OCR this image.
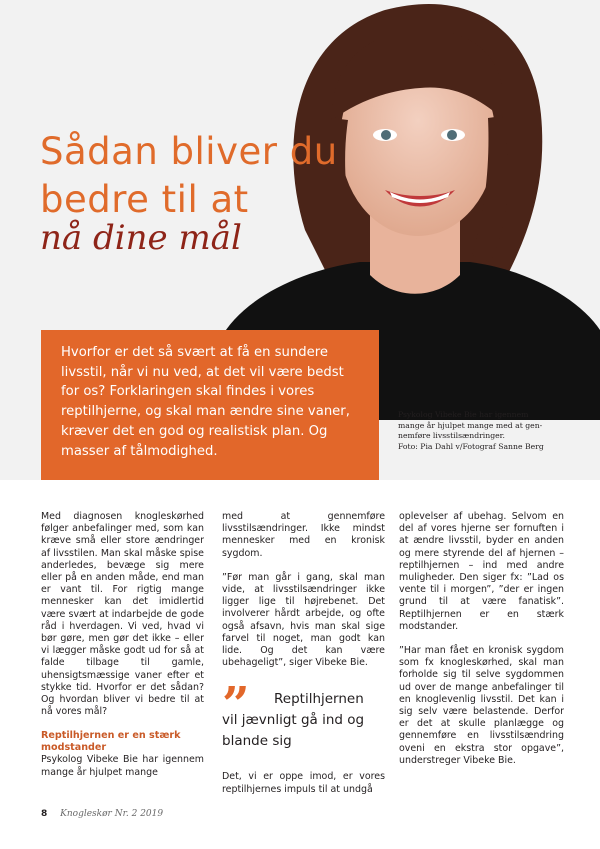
Sådan bliver du
bedre til at
nå dine mål

Hvorfor er det så svært at få en sundere livsstil, når vi nu ved, at det vil være bedst for os? Forklaringen skal findes i vores reptilhjerne, og skal man ændre sine vaner, kræver det en god og realistisk plan. Og masser af tålmodighed.

Psykolog Vibeke Bie har igennem
mange år hjulpet mange med at gen-
nemføre livsstilsændringer.
Foto: Pia Dahl v/Fotograf Sanne Berg

Med diagnosen knogleskørhed følger anbefalinger med, som kan kræve små eller store ændringer af livsstilen. Man skal måske spise anderledes, bevæge sig mere eller på en anden måde, end man er vant til. For rigtig mange mennesker kan det imidlertid være svært at indarbejde de gode råd i hverdagen. Vi ved, hvad vi bør gøre, men gør det ikke – eller vi lægger måske godt ud for så at falde tilbage til gamle, uhensigtsmæssige vaner efter et stykke tid. Hvorfor er det sådan? Og hvordan bliver vi bedre til at nå vores mål?

Reptilhjernen er en stærk
modstander

Psykolog Vibeke Bie har igennem mange år hjulpet mange

med at gennemføre livsstilsændringer. Ikke mindst mennesker med en kronisk sygdom.

”Før man går i gang, skal man vide, at livsstilsændringer ikke ligger lige til højrebenet. Det involverer hårdt arbejde, og ofte også afsavn, hvis man skal sige farvel til noget, man godt kan lide. Og det kan være ubehageligt”, siger Vibeke Bie.

”	Reptilhjernen
vil jævnligt gå ind og
blande sig

Det, vi er oppe imod, er vores reptilhjernes impuls til at undgå

oplevelser af ubehag. Selvom en del af vores hjerne ser fornuften i at ændre livsstil, byder en anden og mere styrende del af hjernen – reptilhjernen – ind med andre muligheder. Den siger fx: ”Lad os vente til i morgen”, ”der er ingen grund til at være fanatisk”. Reptilhjernen er en stærk modstander.

”Har man fået en kronisk sygdom som fx knogleskørhed, skal man forholde sig til selve sygdommen ud over de mange anbefalinger til en knoglevenlig livsstil. Det kan i sig selv være belastende. Derfor er det at skulle planlægge og gennemføre en livsstilsændring oveni en ekstra stor opgave”, understreger Vibeke Bie.

8 Knogleskør Nr. 2 2019
